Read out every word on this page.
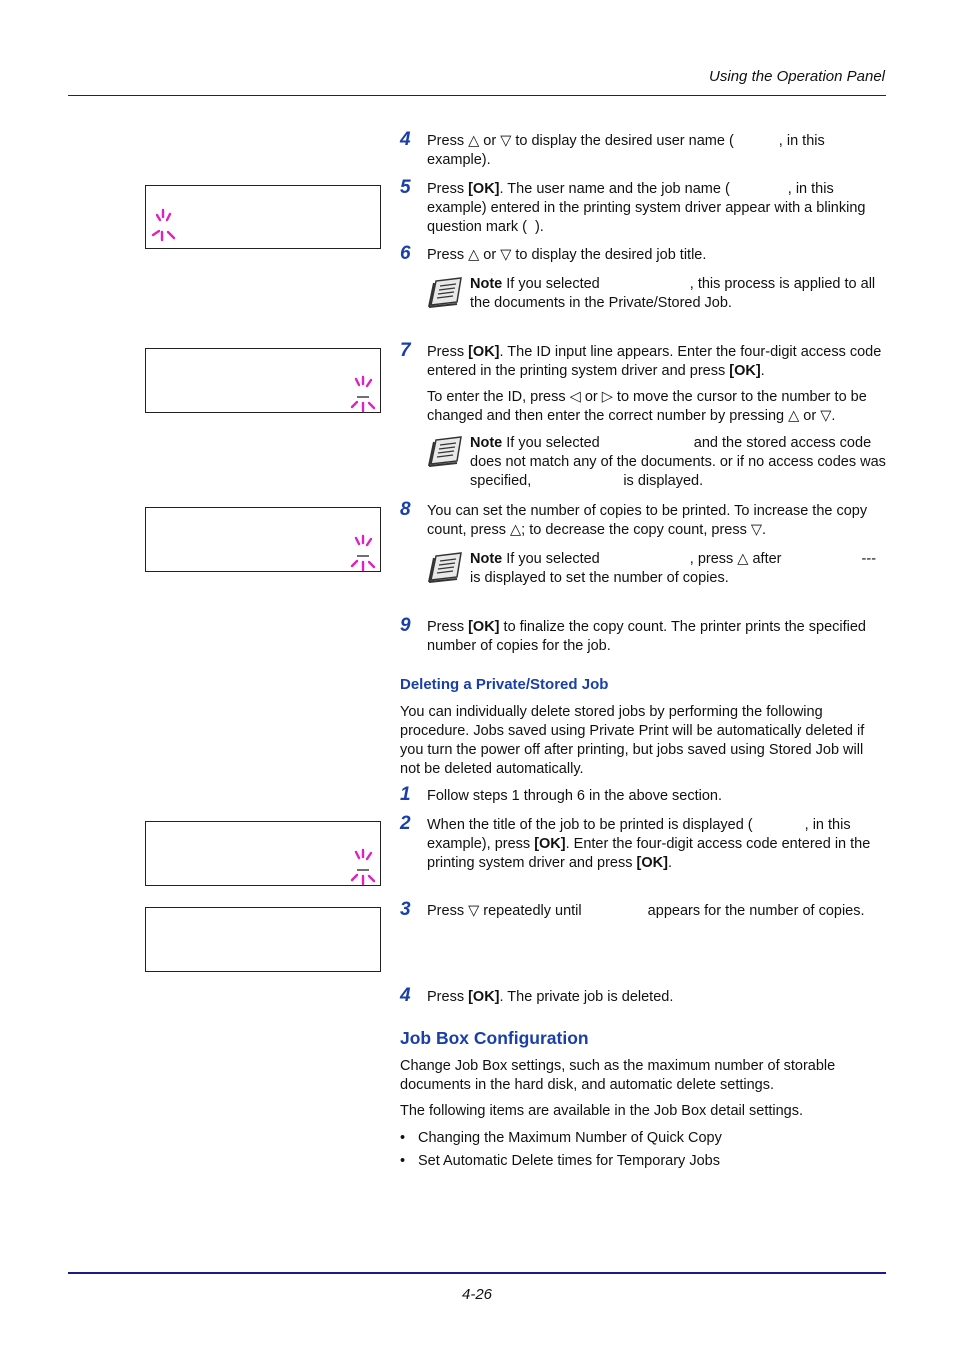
Using the Operation Panel
4-26
4 Press △ or ▽ to display the desired user name (	, in this example).
5 Press [OK]. The user name and the job name (	, in this example) entered in the printing system driver appear with a blinking question mark ( ).
6 Press △ or ▽ to display the desired job title.
Note If you selected	, this process is applied to all the documents in the Private/Stored Job.
7 Press [OK]. The ID input line appears. Enter the four-digit access code entered in the printing system driver and press [OK].
To enter the ID, press ◁ or ▷ to move the cursor to the number to be changed and then enter the correct number by pressing △ or ▽.
Note If you selected	and the stored access code does not match any of the documents. or if no access codes was specified,	is displayed.
8 You can set the number of copies to be printed. To increase the copy count, press △; to decrease the copy count, press ▽.
Note If you selected	, press △ after	--- is displayed to set the number of copies.
9 Press [OK] to finalize the copy count. The printer prints the specified number of copies for the job.
Deleting a Private/Stored Job
You can individually delete stored jobs by performing the following procedure. Jobs saved using Private Print will be automatically deleted if you turn the power off after printing, but jobs saved using Stored Job will not be deleted automatically.
1 Follow steps 1 through 6 in the above section.
2 When the title of the job to be printed is displayed (	, in this example), press [OK]. Enter the four-digit access code entered in the printing system driver and press [OK].
3 Press ▽ repeatedly until	appears for the number of copies.
4 Press [OK]. The private job is deleted.
Job Box Configuration
Change Job Box settings, such as the maximum number of storable documents in the hard disk, and automatic delete settings.
The following items are available in the Job Box detail settings.
• Changing the Maximum Number of Quick Copy
• Set Automatic Delete times for Temporary Jobs
